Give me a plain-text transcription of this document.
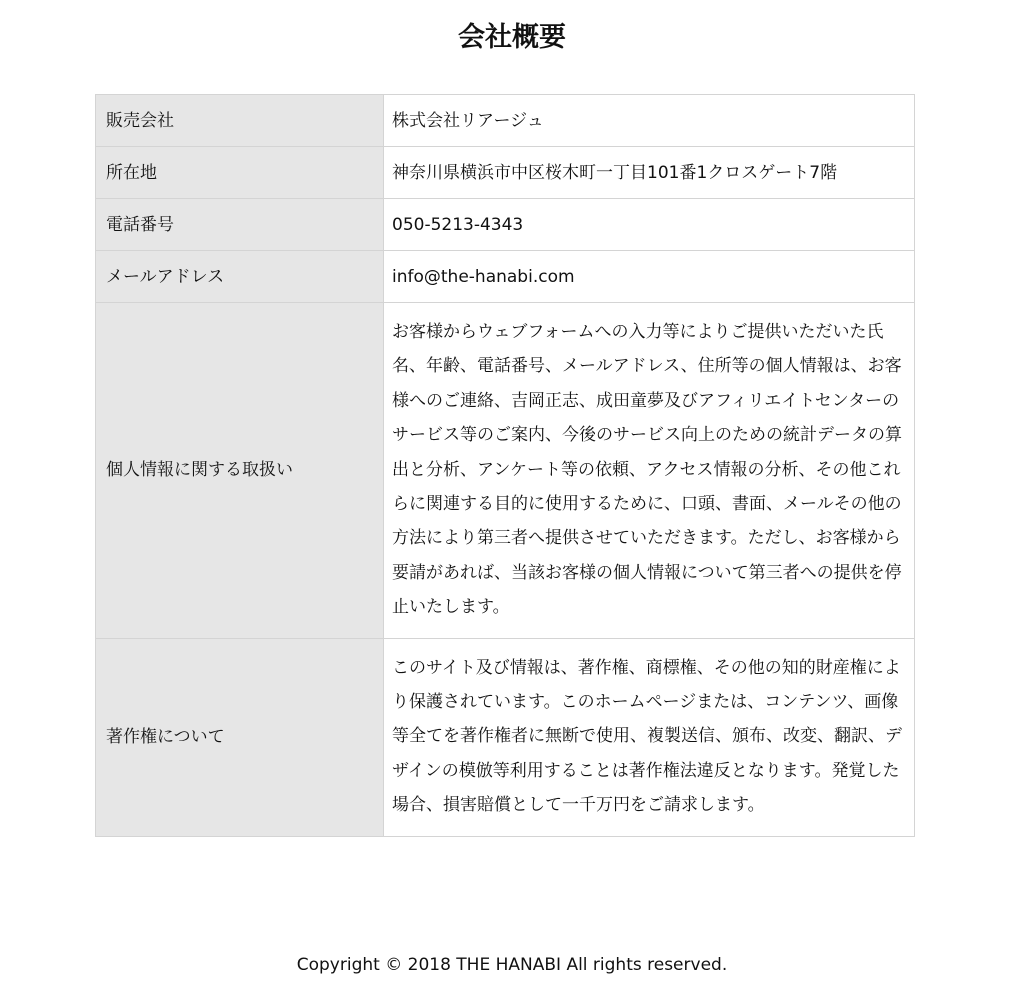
会社概要
販売会社	株式会社リアージュ
所在地	神奈川県横浜市中区桜木町一丁目101番1クロスゲート7階
電話番号	050-5213-4343
メールアドレス	info@the-hanabi.com
個人情報に関する取扱い	お客様からウェブフォームへの入力等によりご提供いただいた氏名、年齢、電話番号、メールアドレス、住所等の個人情報は、お客様へのご連絡、吉岡正志、成田童夢及びアフィリエイトセンターのサービス等のご案内、今後のサービス向上のための統計データの算出と分析、アンケート等の依頼、アクセス情報の分析、その他これらに関連する目的に使用するために、口頭、書面、メールその他の方法により第三者へ提供させていただきます。ただし、お客様から要請があれば、当該お客様の個人情報について第三者への提供を停止いたします。
著作権について	このサイト及び情報は、著作権、商標権、その他の知的財産権により保護されています。このホームページまたは、コンテンツ、画像等全てを著作権者に無断で使用、複製送信、頒布、改変、翻訳、デザインの模倣等利用することは著作権法違反となります。発覚した場合、損害賠償として一千万円をご請求します。
Copyright © 2018 THE HANABI All rights reserved.
